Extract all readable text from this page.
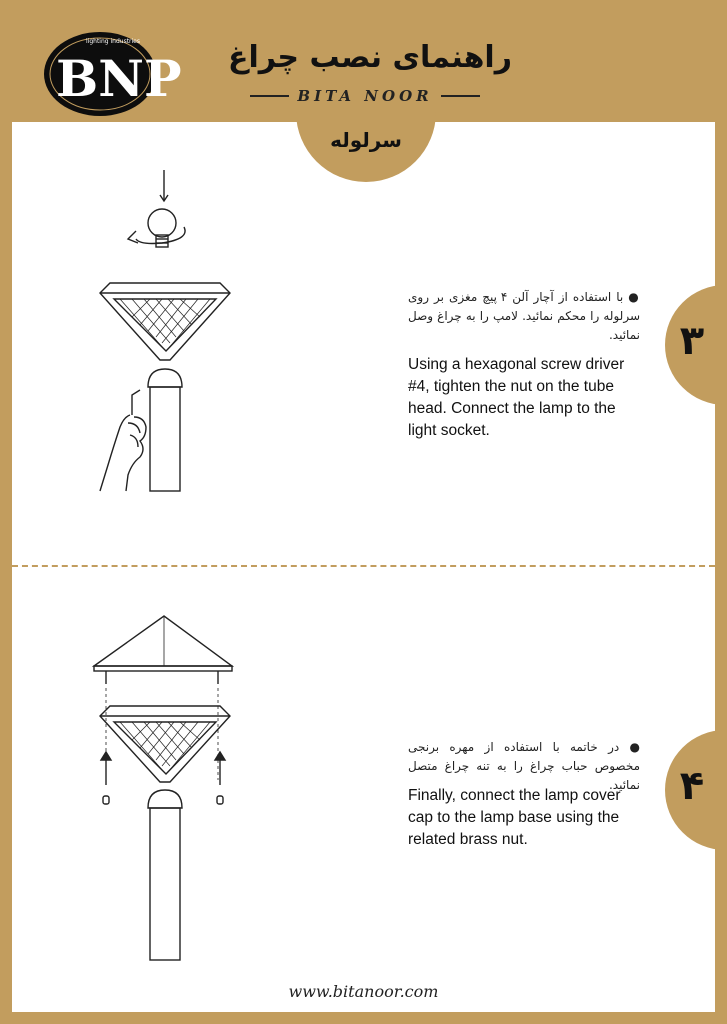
BNP
lighting industries	راهنمای نصب چراغ
BITA NOOR
سرلوله
۳
● با استفاده از آچار آلن ۴ پیچ مغزی بر روی سرلوله را محکم نمائید. لامپ را به چراغ وصل نمائید.
Using a hexagonal screw driver #4, tighten the nut on the tube head. Connect the lamp to the light socket.
۴
● در خاتمه با استفاده از مهره برنجی مخصوص حباب چراغ را به تنه چراغ متصل نمائید.
Finally, connect the lamp cover cap to the lamp base using the related brass nut.
www.bitanoor.com
